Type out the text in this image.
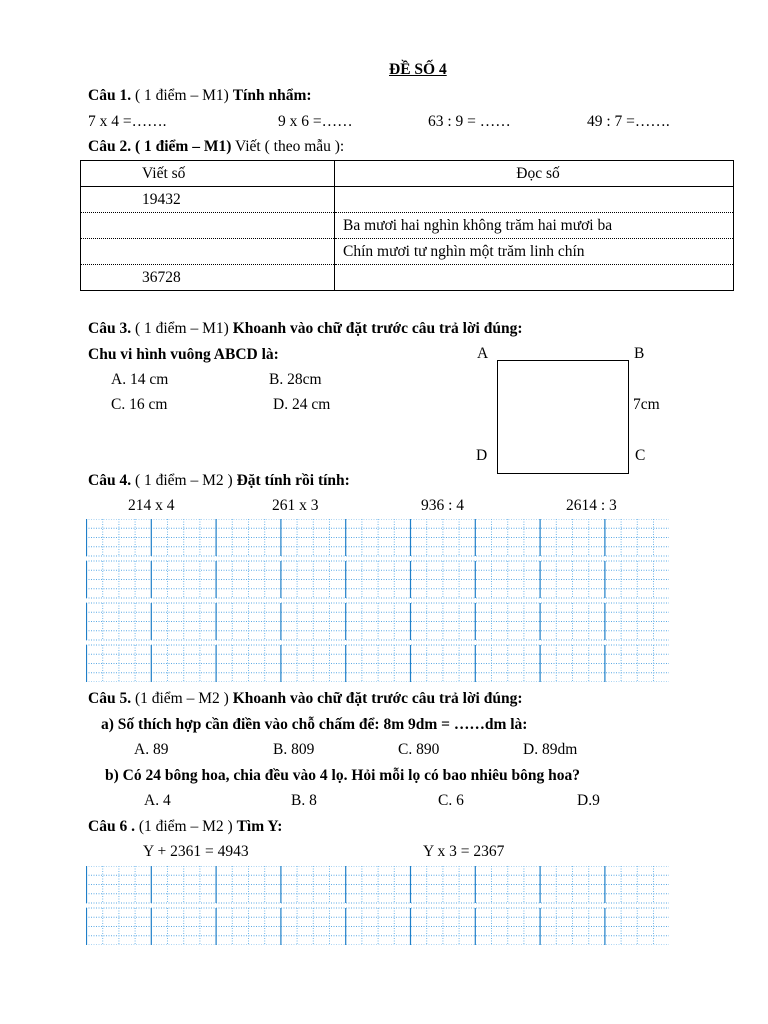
ĐỀ SỐ 4
Câu 1. ( 1 điểm – M1) Tính nhẩm:
7 x 4 =…….	9 x 6 =……	63 : 9 = ……	49 : 7 =…….
Câu 2. ( 1 điểm – M1) Viết ( theo mẫu ):
Viết số	Đọc số
19432	
	Ba mươi hai nghìn không trăm hai mươi ba
	Chín mươi tư nghìn một trăm linh chín
36728	
Câu 3. ( 1 điểm – M1) Khoanh vào chữ đặt trước câu trả lời đúng:
Chu vi hình vuông ABCD là:
A. 14 cm	B. 28cm
C. 16 cm	D. 24 cm
A	B
C
D
7cm
Câu 4. ( 1 điểm – M2 ) Đặt tính rồi tính:
214 x 4	261 x 3	936 : 4	2614 : 3
Câu 5. (1 điểm – M2 ) Khoanh vào chữ đặt trước câu trả lời đúng:
a) Số thích hợp cần điền vào chỗ chấm để: 8m 9dm = ……dm là:
A. 89	B. 809	C. 890	D. 89dm
b) Có 24 bông hoa, chia đều vào 4 lọ. Hỏi mỗi lọ có bao nhiêu bông hoa?
A. 4	B. 8	C. 6	D.9
Câu 6 . (1 điểm – M2 ) Tìm Y:
Y + 2361 = 4943	Y x 3 = 2367
